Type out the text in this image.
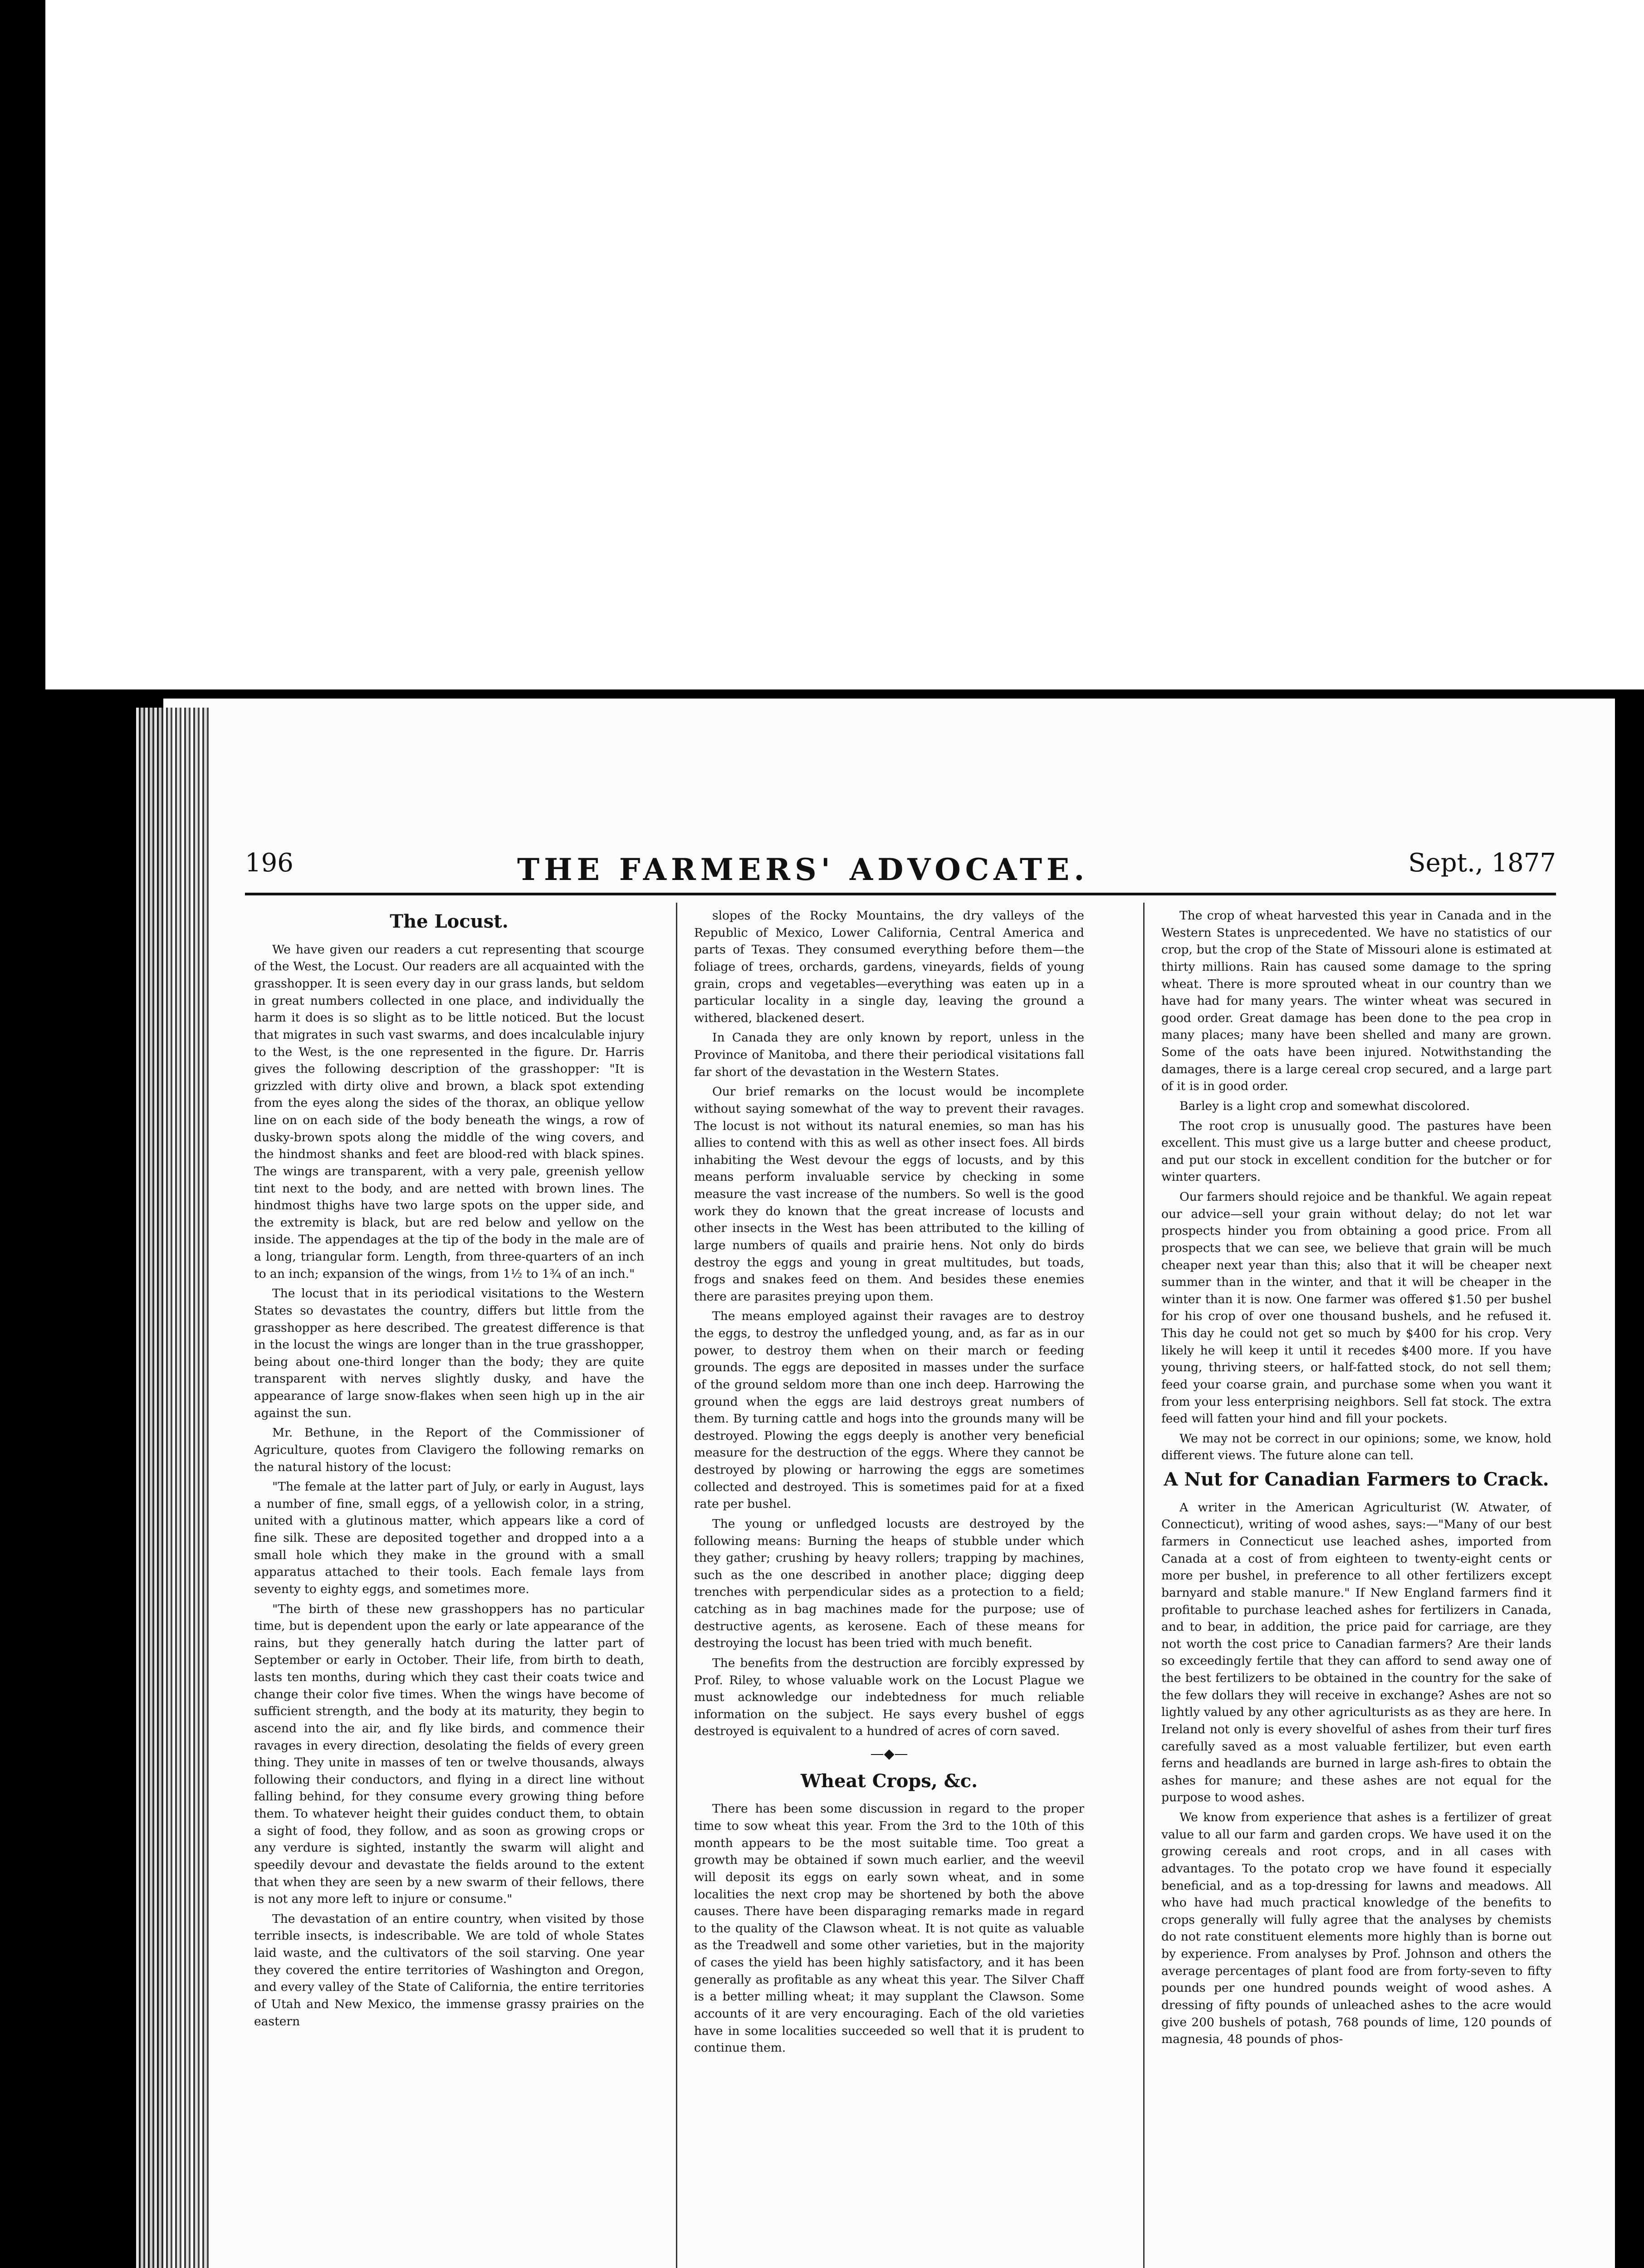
196	THE FARMERS' ADVOCATE.	Sept., 1877
The Locust.

We have given our readers a cut representing that scourge of the West, the Locust. Our readers are all acquainted with the grasshopper. It is seen every day in our grass lands, but seldom in great numbers collected in one place, and individually the harm it does is so slight as to be little noticed. But the locust that migrates in such vast swarms, and does incalculable injury to the West, is the one represented in the figure. Dr. Harris gives the following description of the grasshopper: "It is grizzled with dirty olive and brown, a black spot extending from the eyes along the sides of the thorax, an oblique yellow line on on each side of the body beneath the wings, a row of dusky-brown spots along the middle of the wing covers, and the hindmost shanks and feet are blood-red with black spines. The wings are transparent, with a very pale, greenish yellow tint next to the body, and are netted with brown lines. The hindmost thighs have two large spots on the upper side, and the extremity is black, but are red below and yellow on the inside. The appendages at the tip of the body in the male are of a long, triangular form. Length, from three-quarters of an inch to an inch; expansion of the wings, from 1½ to 1¾ of an inch."

The locust that in its periodical visitations to the Western States so devastates the country, differs but little from the grasshopper as here described. The greatest difference is that in the locust the wings are longer than in the true grasshopper, being about one-third longer than the body; they are quite transparent with nerves slightly dusky, and have the appearance of large snow-flakes when seen high up in the air against the sun.

Mr. Bethune, in the Report of the Commissioner of Agriculture, quotes from Clavigero the following remarks on the natural history of the locust:

"The female at the latter part of July, or early in August, lays a number of fine, small eggs, of a yellowish color, in a string, united with a glutinous matter, which appears like a cord of fine silk. These are deposited together and dropped into a a small hole which they make in the ground with a small apparatus attached to their tools. Each female lays from seventy to eighty eggs, and sometimes more.

"The birth of these new grasshoppers has no particular time, but is dependent upon the early or late appearance of the rains, but they generally hatch during the latter part of September or early in October. Their life, from birth to death, lasts ten months, during which they cast their coats twice and change their color five times. When the wings have become of sufficient strength, and the body at its maturity, they begin to ascend into the air, and fly like birds, and commence their ravages in every direction, desolating the fields of every green thing. They unite in masses of ten or twelve thousands, always following their conductors, and flying in a direct line without falling behind, for they consume every growing thing before them. To whatever height their guides conduct them, to obtain a sight of food, they follow, and as soon as growing crops or any verdure is sighted, instantly the swarm will alight and speedily devour and devastate the fields around to the extent that when they are seen by a new swarm of their fellows, there is not any more left to injure or consume."

The devastation of an entire country, when visited by those terrible insects, is indescribable. We are told of whole States laid waste, and the cultivators of the soil starving. One year they covered the entire territories of Washington and Oregon, and every valley of the State of California, the entire territories of Utah and New Mexico, the immense grassy prairies on the eastern

slopes of the Rocky Mountains, the dry valleys of the Republic of Mexico, Lower California, Central America and parts of Texas. They consumed everything before them—the foliage of trees, orchards, gardens, vineyards, fields of young grain, crops and vegetables—everything was eaten up in a particular locality in a single day, leaving the ground a withered, blackened desert.

In Canada they are only known by report, unless in the Province of Manitoba, and there their periodical visitations fall far short of the devastation in the Western States.

Our brief remarks on the locust would be incomplete without saying somewhat of the way to prevent their ravages. The locust is not without its natural enemies, so man has his allies to contend with this as well as other insect foes. All birds inhabiting the West devour the eggs of locusts, and by this means perform invaluable service by checking in some measure the vast increase of the numbers. So well is the good work they do known that the great increase of locusts and other insects in the West has been attributed to the killing of large numbers of quails and prairie hens. Not only do birds destroy the eggs and young in great multitudes, but toads, frogs and snakes feed on them. And besides these enemies there are parasites preying upon them.

The means employed against their ravages are to destroy the eggs, to destroy the unfledged young, and, as far as in our power, to destroy them when on their march or feeding grounds. The eggs are deposited in masses under the surface of the ground seldom more than one inch deep. Harrowing the ground when the eggs are laid destroys great numbers of them. By turning cattle and hogs into the grounds many will be destroyed. Plowing the eggs deeply is another very beneficial measure for the destruction of the eggs. Where they cannot be destroyed by plowing or harrowing the eggs are sometimes collected and destroyed. This is sometimes paid for at a fixed rate per bushel.

The young or unfledged locusts are destroyed by the following means: Burning the heaps of stubble under which they gather; crushing by heavy rollers; trapping by machines, such as the one described in another place; digging deep trenches with perpendicular sides as a protection to a field; catching as in bag machines made for the purpose; use of destructive agents, as kerosene. Each of these means for destroying the locust has been tried with much benefit.

The benefits from the destruction are forcibly expressed by Prof. Riley, to whose valuable work on the Locust Plague we must acknowledge our indebtedness for much reliable information on the subject. He says every bushel of eggs destroyed is equivalent to a hundred of acres of corn saved.

—◆—
Wheat Crops, &c.

There has been some discussion in regard to the proper time to sow wheat this year. From the 3rd to the 10th of this month appears to be the most suitable time. Too great a growth may be obtained if sown much earlier, and the weevil will deposit its eggs on early sown wheat, and in some localities the next crop may be shortened by both the above causes. There have been disparaging remarks made in regard to the quality of the Clawson wheat. It is not quite as valuable as the Treadwell and some other varieties, but in the majority of cases the yield has been highly satisfactory, and it has been generally as profitable as any wheat this year. The Silver Chaff is a better milling wheat; it may supplant the Clawson. Some accounts of it are very encouraging. Each of the old varieties have in some localities succeeded so well that it is prudent to continue them.

The crop of wheat harvested this year in Canada and in the Western States is unprecedented. We have no statistics of our crop, but the crop of the State of Missouri alone is estimated at thirty millions. Rain has caused some damage to the spring wheat. There is more sprouted wheat in our country than we have had for many years. The winter wheat was secured in good order. Great damage has been done to the pea crop in many places; many have been shelled and many are grown. Some of the oats have been injured. Notwithstanding the damages, there is a large cereal crop secured, and a large part of it is in good order.

Barley is a light crop and somewhat discolored.

The root crop is unusually good. The pastures have been excellent. This must give us a large butter and cheese product, and put our stock in excellent condition for the butcher or for winter quarters.

Our farmers should rejoice and be thankful. We again repeat our advice—sell your grain without delay; do not let war prospects hinder you from obtaining a good price. From all prospects that we can see, we believe that grain will be much cheaper next year than this; also that it will be cheaper next summer than in the winter, and that it will be cheaper in the winter than it is now. One farmer was offered $1.50 per bushel for his crop of over one thousand bushels, and he refused it. This day he could not get so much by $400 for his crop. Very likely he will keep it until it recedes $400 more. If you have young, thriving steers, or half-fatted stock, do not sell them; feed your coarse grain, and purchase some when you want it from your less enterprising neighbors. Sell fat stock. The extra feed will fatten your hind and fill your pockets.

We may not be correct in our opinions; some, we know, hold different views. The future alone can tell.

A Nut for Canadian Farmers to Crack.

A writer in the American Agriculturist (W. Atwater, of Connecticut), writing of wood ashes, says:—"Many of our best farmers in Connecticut use leached ashes, imported from Canada at a cost of from eighteen to twenty-eight cents or more per bushel, in preference to all other fertilizers except barnyard and stable manure." If New England farmers find it profitable to purchase leached ashes for fertilizers in Canada, and to bear, in addition, the price paid for carriage, are they not worth the cost price to Canadian farmers? Are their lands so exceedingly fertile that they can afford to send away one of the best fertilizers to be obtained in the country for the sake of the few dollars they will receive in exchange? Ashes are not so lightly valued by any other agriculturists as as they are here. In Ireland not only is every shovelful of ashes from their turf fires carefully saved as a most valuable fertilizer, but even earth ferns and headlands are burned in large ash-fires to obtain the ashes for manure; and these ashes are not equal for the purpose to wood ashes.

We know from experience that ashes is a fertilizer of great value to all our farm and garden crops. We have used it on the growing cereals and root crops, and in all cases with advantages. To the potato crop we have found it especially beneficial, and as a top-dressing for lawns and meadows. All who have had much practical knowledge of the benefits to crops generally will fully agree that the analyses by chemists do not rate constituent elements more highly than is borne out by experience. From analyses by Prof. Johnson and others the average percentages of plant food are from forty-seven to fifty pounds per one hundred pounds weight of wood ashes. A dressing of fifty pounds of unleached ashes to the acre would give 200 bushels of potash, 768 pounds of lime, 120 pounds of magnesia, 48 pounds of phos-
